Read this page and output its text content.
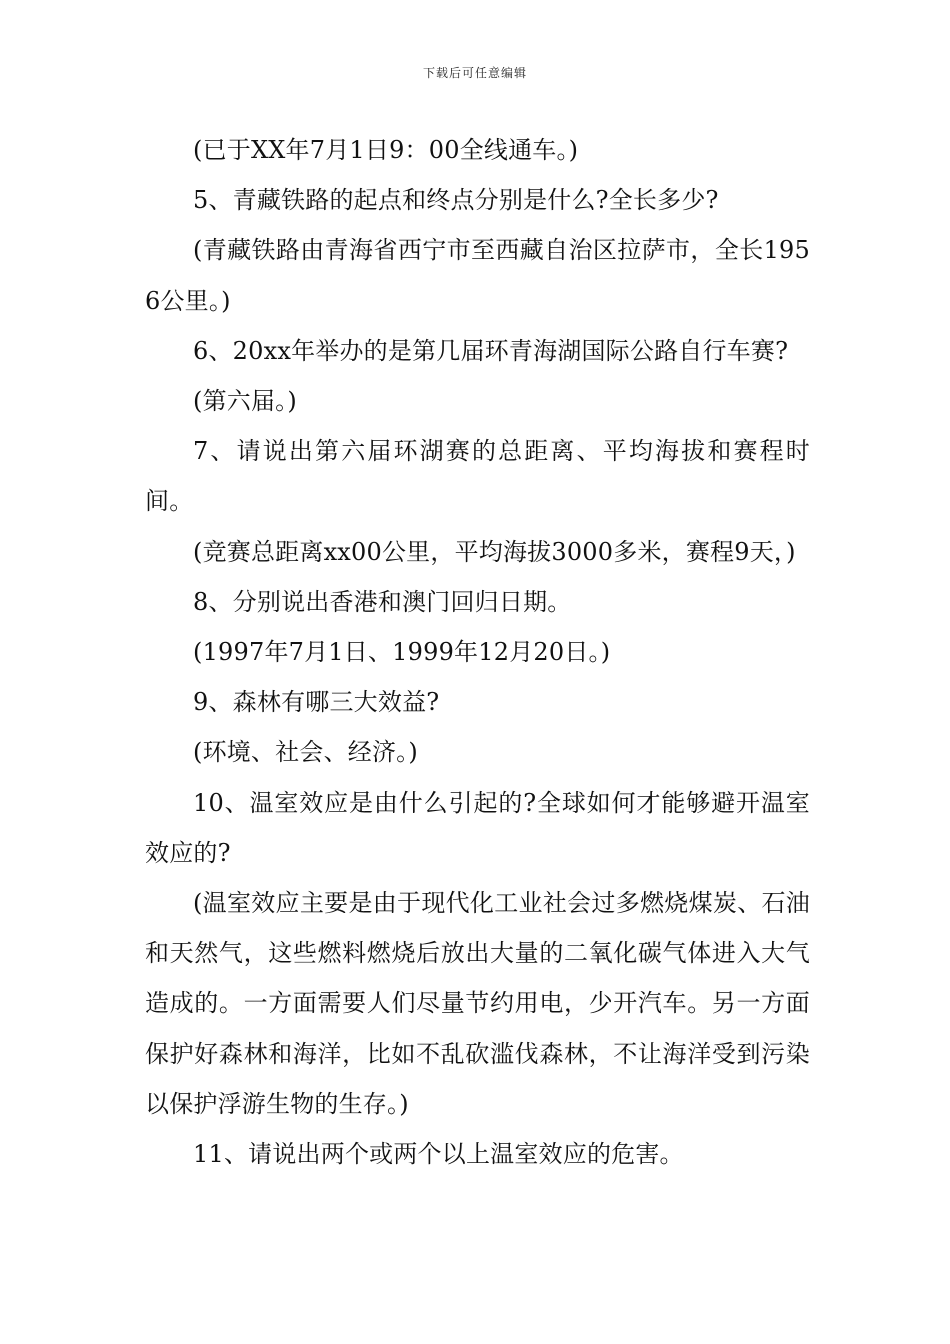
下载后可任意编辑

(已于XX年7月1日9：00全线通车。)

5、青藏铁路的起点和终点分别是什么?全长多少?

(青藏铁路由青海省西宁市至西藏自治区拉萨市，全长1956公里。)

6、20xx年举办的是第几届环青海湖国际公路自行车赛?

(第六届。)

7、请说出第六届环湖赛的总距离、平均海拔和赛程时间。

(竞赛总距离xx00公里，平均海拔3000多米，赛程9天，)

8、分别说出香港和澳门回归日期。

(1997年7月1日、1999年12月20日。)

9、森林有哪三大效益?

(环境、社会、经济。)

10、温室效应是由什么引起的?全球如何才能够避开温室效应的?

(温室效应主要是由于现代化工业社会过多燃烧煤炭、石油和天然气，这些燃料燃烧后放出大量的二氧化碳气体进入大气造成的。一方面需要人们尽量节约用电，少开汽车。另一方面保护好森林和海洋，比如不乱砍滥伐森林，不让海洋受到污染以保护浮游生物的生存。)

11、请说出两个或两个以上温室效应的危害。
